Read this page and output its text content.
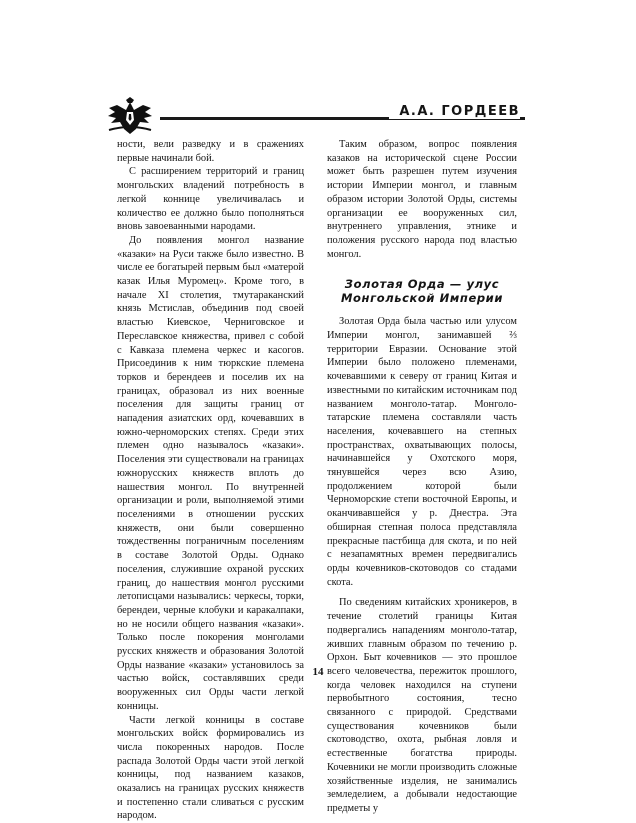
А.А. ГОРДЕЕВ

ности, вели разведку и в сражениях первые начинали бой.

С расширением территорий и границ монгольских владений потребность в легкой коннице увеличивалась и количество ее должно было пополняться вновь завоеванными народами.

До появления монгол название «казаки» на Руси также было известно. В числе ее богатырей первым был «матерой казак Илья Муромец». Кроме того, в начале XI столетия, тмутараканский князь Мстислав, объединив под своей властью Киевское, Черниговское и Переславское княжества, привел с собой с Кавказа племена черкес и касогов. Присоединив к ним тюркские племена торков и берендеев и поселив их на границах, образовал из них военные поселения для защиты границ от нападения азиатских орд, кочевавших в южно-черноморских степях. Среди этих племен одно называлось «казаки». Поселения эти существовали на границах южнорусских княжеств вплоть до нашествия монгол. По внутренней организации и роли, выполняемой этими поселениями в отношении русских княжеств, они были совершенно тождественны пограничным поселениям в составе Золотой Орды. Однако поселения, служившие охраной русских границ, до нашествия монгол русскими летописцами назывались: черкесы, торки, берендеи, черные клобуки и каракалпаки, но не носили общего названия «казаки». Только после покорения монголами русских княжеств и образования Золотой Орды название «казаки» установилось за частью войск, составлявших среди вооруженных сил Орды части легкой конницы.

Части легкой конницы в составе монгольских войск формировались из числа покоренных народов. После распада Золотой Орды части этой легкой конницы, под названием казаков, оказались на границах русских княжеств и постепенно стали сливаться с русским народом.

Таким образом, вопрос появления казаков на исторической сцене России может быть разрешен путем изучения истории Империи монгол, и главным образом истории Золотой Орды, системы организации ее вооруженных сил, внутреннего управления, этнике и положения русского народа под властью монгол.

Золотая Орда — улус
Монгольской Империи

Золотая Орда была частью или улусом Империи монгол, занимавшей ⅔ территории Евразии. Основание этой Империи было положено племенами, кочевавшими к северу от границ Китая и известными по китайским источникам под названием монголо-татар. Монголо-татарские племена составляли часть населения, кочевавшего на степных пространствах, охватывающих полосы, начинавшейся у Охотского моря, тянувшейся через всю Азию, продолжением которой были Черноморские степи восточной Европы, и оканчивавшейся у р. Днестра. Эта обширная степная полоса представляла прекрасные пастбища для скота, и по ней с незапамятных времен передвигались орды кочевников-скотоводов со стадами скота.

По сведениям китайских хроникеров, в течение столетий границы Китая подвергались нападениям монголо-татар, живших главным образом по течению р. Орхон. Быт кочевников — это прошлое всего человечества, пережиток прошлого, когда человек находился на ступени первобытного состояния, тесно связанного с природой. Средствами существования кочевников были скотоводство, охота, рыбная ловля и естественные богатства природы. Кочевники не могли производить сложные хозяйственные изделия, не занимались земледелием, а добывали недостающие предметы у

14
